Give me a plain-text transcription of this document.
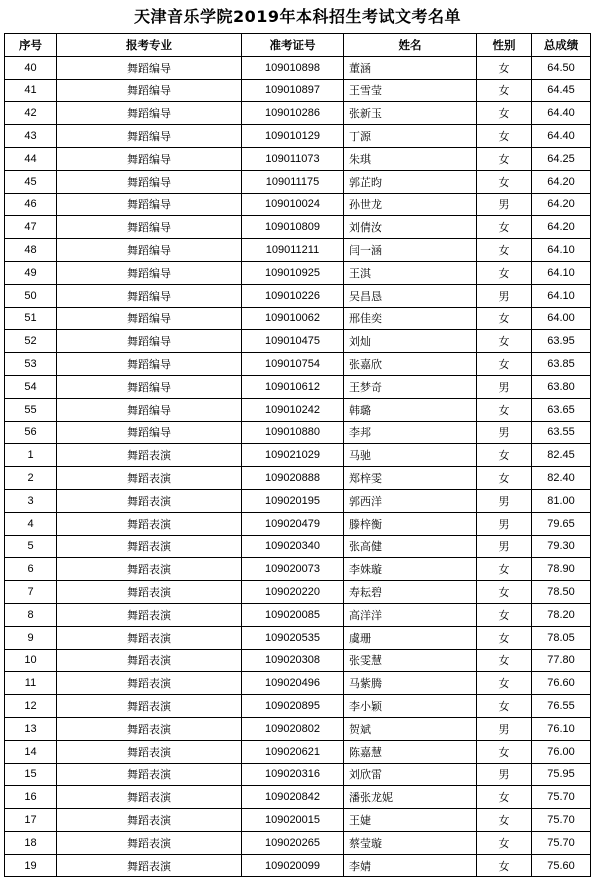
天津音乐学院2019年本科招生考试文考名单
序号	报考专业	准考证号	姓名	性别	总成绩
40	舞蹈编导	109010898	董涵	女	64.50
41	舞蹈编导	109010897	王雪莹	女	64.45
42	舞蹈编导	109010286	张新玉	女	64.40
43	舞蹈编导	109010129	丁源	女	64.40
44	舞蹈编导	109011073	朱琪	女	64.25
45	舞蹈编导	109011175	郭芷昀	女	64.20
46	舞蹈编导	109010024	孙世龙	男	64.20
47	舞蹈编导	109010809	刘倩汝	女	64.20
48	舞蹈编导	109011211	闫一涵	女	64.10
49	舞蹈编导	109010925	王淇	女	64.10
50	舞蹈编导	109010226	吴昌恳	男	64.10
51	舞蹈编导	109010062	邢佳奕	女	64.00
52	舞蹈编导	109010475	刘灿	女	63.95
53	舞蹈编导	109010754	张嘉欣	女	63.85
54	舞蹈编导	109010612	王梦奇	男	63.80
55	舞蹈编导	109010242	韩璐	女	63.65
56	舞蹈编导	109010880	李邦	男	63.55
1	舞蹈表演	109021029	马驰	女	82.45
2	舞蹈表演	109020888	郑梓雯	女	82.40
3	舞蹈表演	109020195	郭西洋	男	81.00
4	舞蹈表演	109020479	滕梓衡	男	79.65
5	舞蹈表演	109020340	张高健	男	79.30
6	舞蹈表演	109020073	李姝璇	女	78.90
7	舞蹈表演	109020220	寿耘碧	女	78.50
8	舞蹈表演	109020085	高洋洋	女	78.20
9	舞蹈表演	109020535	虞珊	女	78.05
10	舞蹈表演	109020308	张雯慧	女	77.80
11	舞蹈表演	109020496	马紫腾	女	76.60
12	舞蹈表演	109020895	李小颖	女	76.55
13	舞蹈表演	109020802	贺斌	男	76.10
14	舞蹈表演	109020621	陈嘉慧	女	76.00
15	舞蹈表演	109020316	刘欣雷	男	75.95
16	舞蹈表演	109020842	潘张龙妮	女	75.70
17	舞蹈表演	109020015	王婕	女	75.70
18	舞蹈表演	109020265	蔡莹璇	女	75.70
19	舞蹈表演	109020099	李婧	女	75.60
